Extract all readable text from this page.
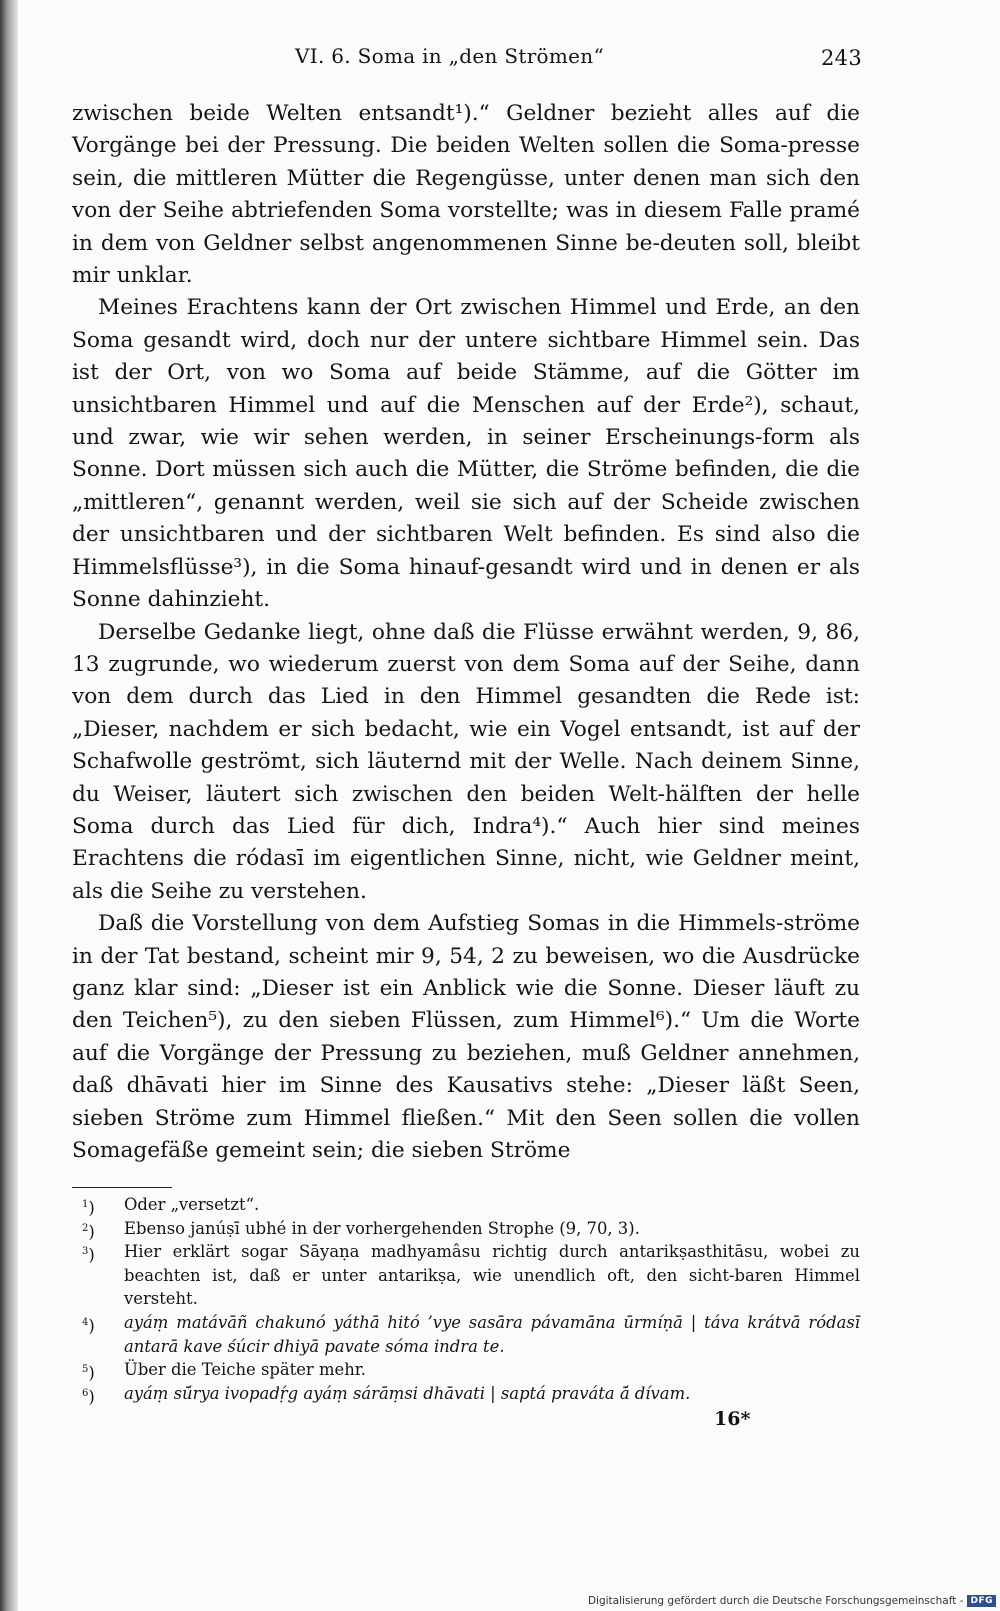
VI. 6. Soma in „den Strömen“	243

zwischen beide Welten entsandt¹).“ Geldner bezieht alles auf die Vorgänge bei der Pressung. Die beiden Welten sollen die Soma-presse sein, die mittleren Mütter die Regengüsse, unter denen man sich den von der Seihe abtriefenden Soma vorstellte; was in diesem Falle pramé in dem von Geldner selbst angenommenen Sinne be-deuten soll, bleibt mir unklar.

Meines Erachtens kann der Ort zwischen Himmel und Erde, an den Soma gesandt wird, doch nur der untere sichtbare Himmel sein. Das ist der Ort, von wo Soma auf beide Stämme, auf die Götter im unsichtbaren Himmel und auf die Menschen auf der Erde²), schaut, und zwar, wie wir sehen werden, in seiner Erscheinungs-form als Sonne. Dort müssen sich auch die Mütter, die Ströme befinden, die die „mittleren“, genannt werden, weil sie sich auf der Scheide zwischen der unsichtbaren und der sichtbaren Welt befinden. Es sind also die Himmelsflüsse³), in die Soma hinauf-gesandt wird und in denen er als Sonne dahinzieht.

Derselbe Gedanke liegt, ohne daß die Flüsse erwähnt werden, 9, 86, 13 zugrunde, wo wiederum zuerst von dem Soma auf der Seihe, dann von dem durch das Lied in den Himmel gesandten die Rede ist: „Dieser, nachdem er sich bedacht, wie ein Vogel entsandt, ist auf der Schafwolle geströmt, sich läuternd mit der Welle. Nach deinem Sinne, du Weiser, läutert sich zwischen den beiden Welt-hälften der helle Soma durch das Lied für dich, Indra⁴).“ Auch hier sind meines Erachtens die ródasī im eigentlichen Sinne, nicht, wie Geldner meint, als die Seihe zu verstehen.

Daß die Vorstellung von dem Aufstieg Somas in die Himmels-ströme in der Tat bestand, scheint mir 9, 54, 2 zu beweisen, wo die Ausdrücke ganz klar sind: „Dieser ist ein Anblick wie die Sonne. Dieser läuft zu den Teichen⁵), zu den sieben Flüssen, zum Himmel⁶).“ Um die Worte auf die Vorgänge der Pressung zu beziehen, muß Geldner annehmen, daß dhāvati hier im Sinne des Kausativs stehe: „Dieser läßt Seen, sieben Ströme zum Himmel fließen.“ Mit den Seen sollen die vollen Somagefäße gemeint sein; die sieben Ströme

$^1$) Oder „versetzt“.
$^2$) Ebenso janúṣī ubhé in der vorhergehenden Strophe (9, 70, 3).
$^3$) Hier erklärt sogar Sāyaṇa madhyamâsu richtig durch antarikṣasthitāsu, wobei zu beachten ist, daß er unter antarikṣa, wie unendlich oft, den sicht-baren Himmel versteht.
$^4$) ayáṃ matávāñ chakunó yáthā hitó ’vye sasāra pávamāna ūrmíṇā | táva krátvā ródasī antarā kave śúcir dhiyā pavate sóma indra te.
$^5$) Über die Teiche später mehr.
$^6$) ayáṃ sū́rya ivopadṛ́g ayáṃ sárāṃsi dhāvati | saptá praváta ā́ dívam.
16*
Digitalisierung gefördert durch die Deutsche Forschungsgemeinschaft - DFG
